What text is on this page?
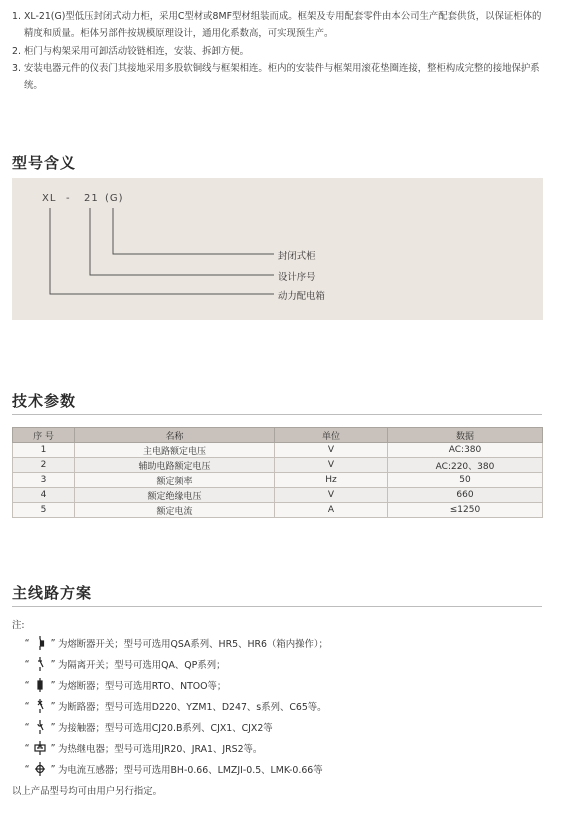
1. XL-21(G)型低压封闭式动力柜，采用C型材或8MF型材组装而成。框架及专用配套零件由本公司生产配套供货，以保证柜体的精度和质量。柜体另部件按规模原理设计，通用化系数高，可实现预生产。
2. 柜门与构架采用可卸活动铰链相连，安装、拆卸方便。
3. 安装电器元件的仪表门其接地采用多股软铜线与框架相连。柜内的安装件与框架用滚花垫圈连接，整柜构成完整的接地保护系统。
型号含义
XL - 21 (G)
封闭式柜
设计序号
动力配电箱
技术参数
序 号	名称	单位	数据
1	主电路额定电压	V	AC:380
2	辅助电路额定电压	V	AC:220、380
3	额定频率	Hz	50
4	额定绝缘电压	V	660
5	额定电流	A	≤1250
主线路方案
注:
“ ” 为熔断器开关；型号可选用QSA系列、HR5、HR6（箱内操作）；
“ ” 为隔离开关；型号可选用QA、QP系列；
“ ” 为熔断器；型号可选用RTO、NTOO等；
“ ” 为断路器；型号可选用D220、YZM1、D247、s系列、C65等。
“ ” 为接触器；型号可选用CJ20.B系列、CJX1、CJX2等
“ ” 为热继电器；型号可选用JR20、JRA1、JRS2等。
“ ” 为电流互感器；型号可选用BH-0.66、LMZJI-0.5、LMK-0.66等
以上产品型号均可由用户另行指定。
